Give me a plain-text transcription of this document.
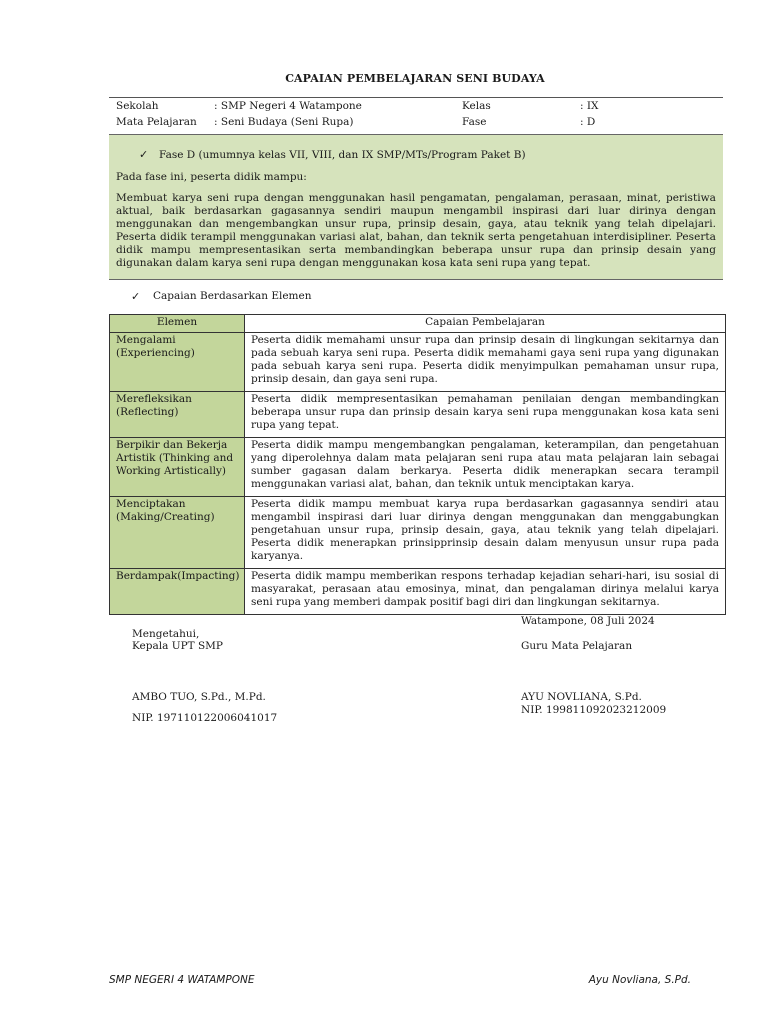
CAPAIAN PEMBELAJARAN SENI BUDAYA
Sekolah	: SMP Negeri 4 Watampone	Kelas	: IX
Mata Pelajaran : Seni Budaya (Seni Rupa)	Fase	: D
✓ Fase D (umumnya kelas VII, VIII, dan IX SMP/MTs/Program Paket B)
Pada fase ini, peserta didik mampu:
Membuat karya seni rupa dengan menggunakan hasil pengamatan, pengalaman, perasaan, minat, peristiwa aktual, baik berdasarkan gagasannya sendiri maupun mengambil inspirasi dari luar dirinya dengan menggunakan dan mengembangkan unsur rupa, prinsip desain, gaya, atau teknik yang telah dipelajari. Peserta didik terampil menggunakan variasi alat, bahan, dan teknik serta pengetahuan interdisipliner. Peserta didik mampu mempresentasikan serta membandingkan beberapa unsur rupa dan prinsip desain yang digunakan dalam karya seni rupa dengan menggunakan kosa kata seni rupa yang tepat.
✓ Capaian Berdasarkan Elemen
Elemen	Capaian Pembelajaran
Mengalami (Experiencing)	Peserta didik memahami unsur rupa dan prinsip desain di lingkungan sekitarnya dan pada sebuah karya seni rupa. Peserta didik memahami gaya seni rupa yang digunakan pada sebuah karya seni rupa. Peserta didik menyimpulkan pemahaman unsur rupa, prinsip desain, dan gaya seni rupa.
Merefleksikan (Reflecting)	Peserta didik mempresentasikan pemahaman penilaian dengan membandingkan beberapa unsur rupa dan prinsip desain karya seni rupa menggunakan kosa kata seni rupa yang tepat.
Berpikir dan Bekerja Artistik (Thinking and Working Artistically)	Peserta didik mampu mengembangkan pengalaman, keterampilan, dan pengetahuan yang diperolehnya dalam mata pelajaran seni rupa atau mata pelajaran lain sebagai sumber gagasan dalam berkarya. Peserta didik menerapkan secara terampil menggunakan variasi alat, bahan, dan teknik untuk menciptakan karya.
Menciptakan (Making/Creating)	Peserta didik mampu membuat karya rupa berdasarkan gagasannya sendiri atau mengambil inspirasi dari luar dirinya dengan menggunakan dan menggabungkan pengetahuan unsur rupa, prinsip desain, gaya, atau teknik yang telah dipelajari. Peserta didik menerapkan prinsipprinsip desain dalam menyusun unsur rupa pada karyanya.
Berdampak(Impacting)	Peserta didik mampu memberikan respons terhadap kejadian sehari-hari, isu sosial di masyarakat, perasaan atau emosinya, minat, dan pengalaman dirinya melalui karya seni rupa yang memberi dampak positif bagi diri dan lingkungan sekitarnya.
Watampone, 08 Juli 2024
Mengetahui,
Kepala UPT SMP	Guru Mata Pelajaran
AMBO TUO, S.Pd., M.Pd.
NIP. 197110122006041017
AYU NOVLIANA, S.Pd.
NIP. 199811092023212009
SMP NEGERI 4 WATAMPONE	Ayu Novliana, S.Pd.
